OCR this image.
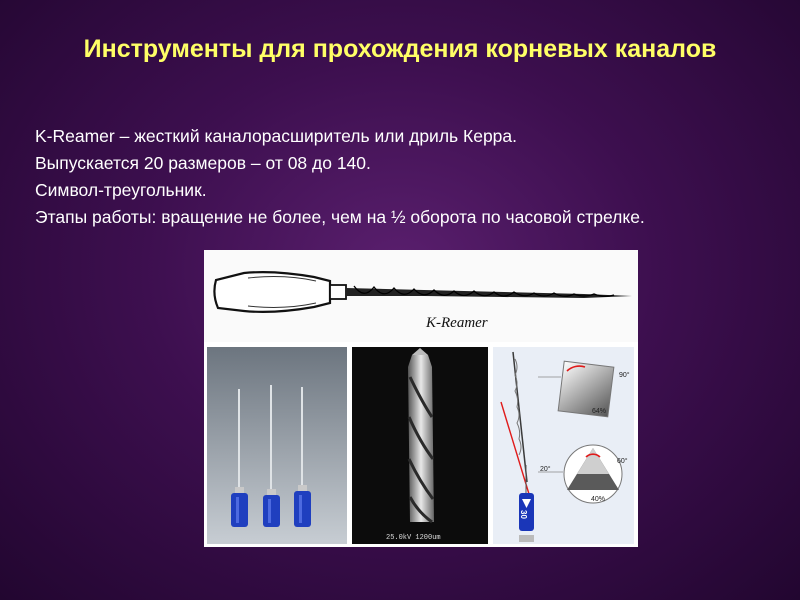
Инструменты для прохождения корневых каналов
K-Reamer – жесткий каналорасширитель или дриль Керра.
Выпускается 20 размеров – от 08 до 140.
Символ-треугольник.
Этапы работы: вращение не более, чем на ½ оборота по часовой стрелке.
K-Reamer
25.0kV 1200um
90°
64%
20°
60°
40%
30
